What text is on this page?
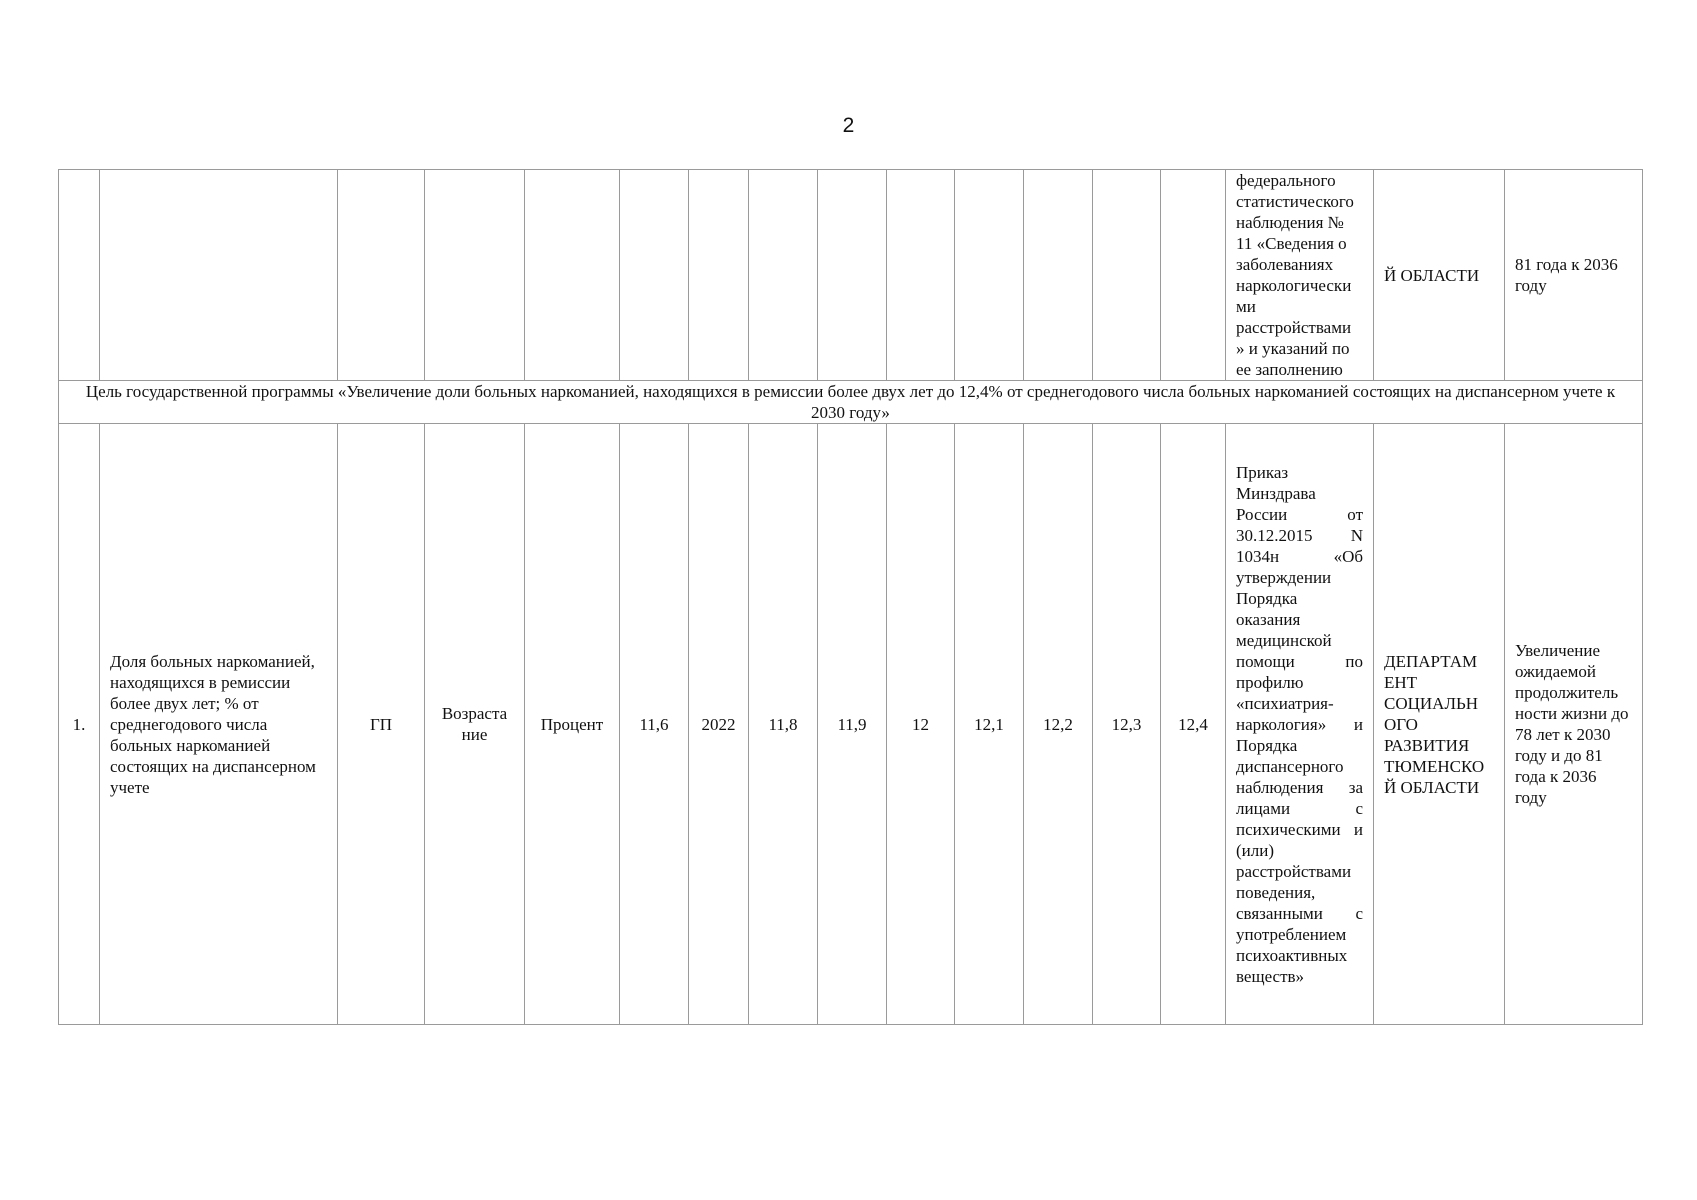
2
														федерального статистического наблюдения № 11 «Сведения о заболеваниях наркологически ми расстройствами » и указаний по ее заполнению	Й ОБЛАСТИ	81 года к 2036 году
Цель государственной программы «Увеличение доли больных наркоманией, находящихся в ремиссии более двух лет до 12,4% от среднегодового числа больных наркоманией состоящих на диспансерном учете к 2030 году»																
1.	Доля больных наркоманией, находящихся в ремиссии более двух лет; % от среднегодового числа больных наркоманией состоящих на диспансерном учете	ГП	Возраста ние	Процент	11,6	2022	11,8	11,9	12	12,1	12,2	12,3	12,4	Приказ Минздрава России от 30.12.2015 N 1034н «Об утверждении Порядка оказания медицинской помощи по профилю «психиатрия-наркология» и Порядка диспансерного наблюдения за лицами с психическими и (или) расстройствами поведения, связанными с употреблением психоактивных веществ»	ДЕПАРТАМ ЕНТ СОЦИАЛЬН ОГО РАЗВИТИЯ ТЮМЕНСКО Й ОБЛАСТИ	Увеличение ожидаемой продолжитель ности жизни до 78 лет к 2030 году и до 81 года к 2036 году
